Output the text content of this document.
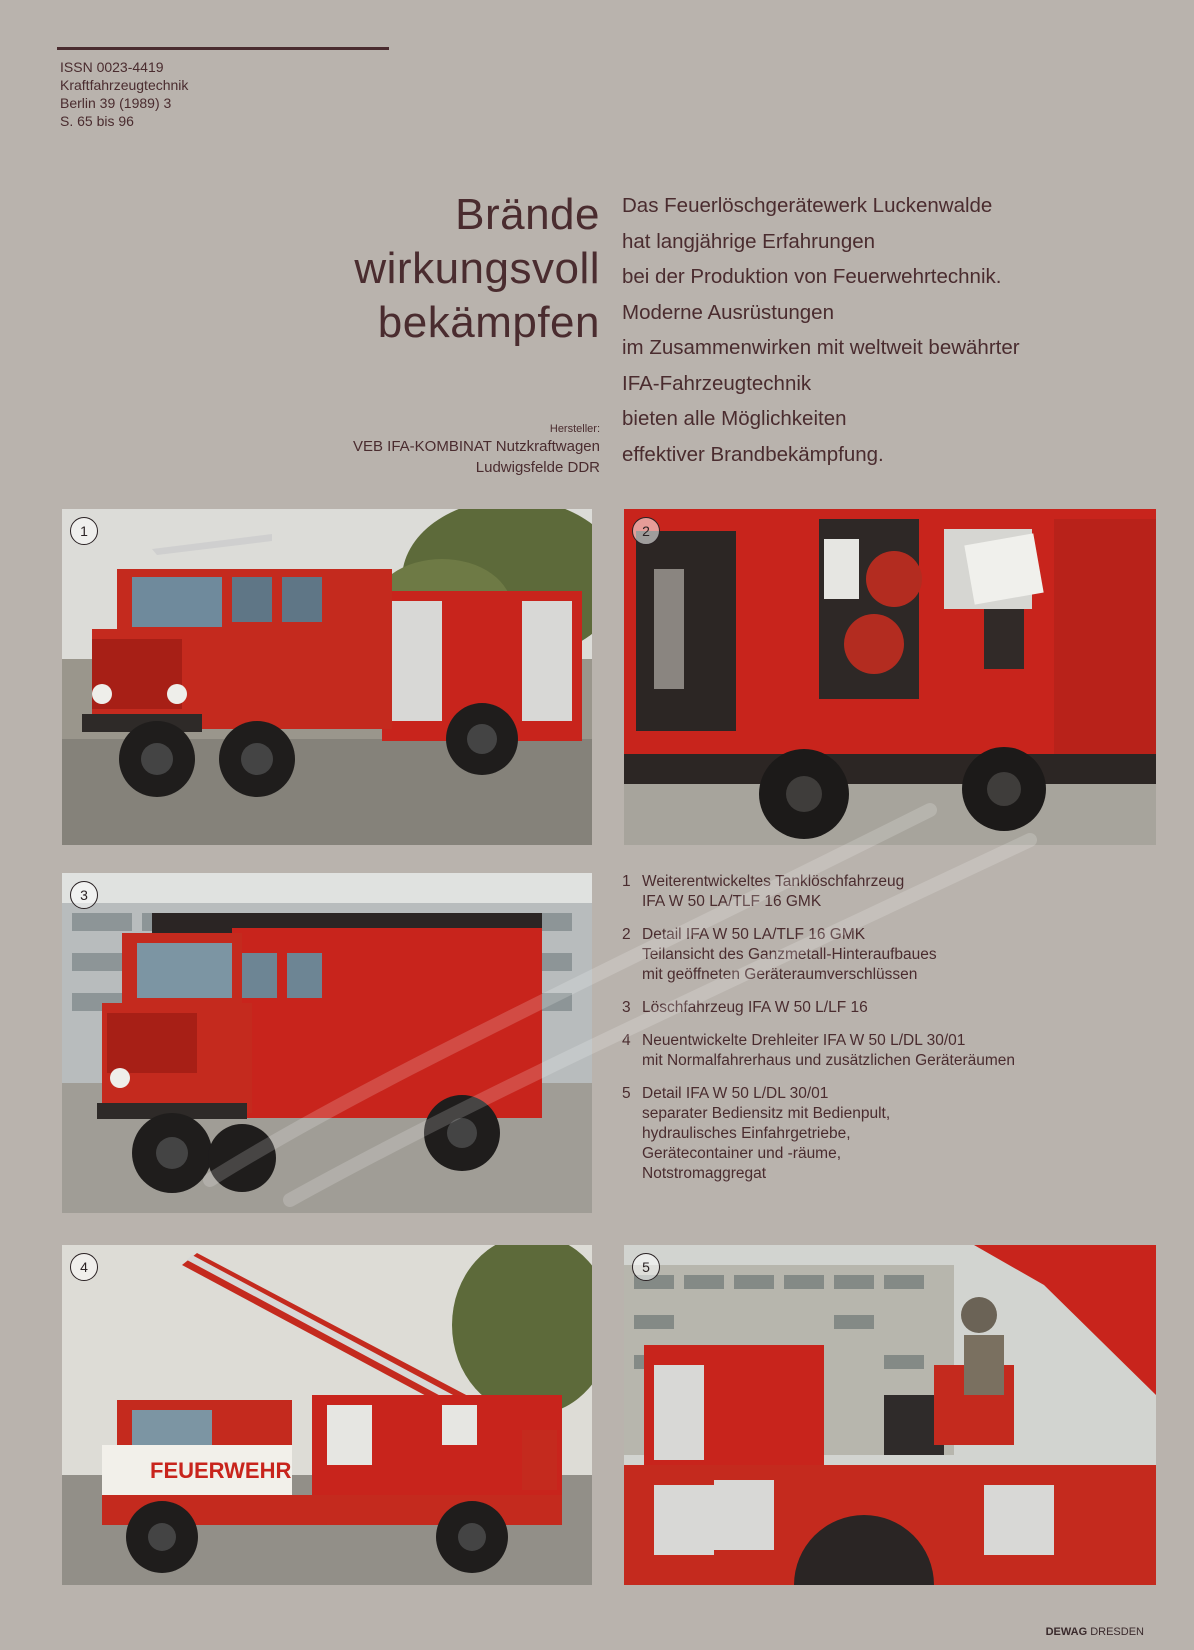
ISSN 0023-4419
Kraftfahrzeugtechnik
Berlin 39 (1989) 3
S. 65 bis 96
Brände
wirkungsvoll
bekämpfen
Hersteller:
VEB IFA-KOMBINAT Nutzkraftwagen
Ludwigsfelde DDR
Das Feuerlöschgerätewerk Luckenwalde
hat langjährige Erfahrungen
bei der Produktion von Feuerwehrtechnik.
Moderne Ausrüstungen
im Zusammenwirken mit weltweit bewährter
IFA-Fahrzeugtechnik
bieten alle Möglichkeiten
effektiver Brandbekämpfung.
1	2
3
FEUERWEHR
4	5
1 Weiterentwickeltes Tanklöschfahrzeug
IFA W 50 LA/TLF 16 GMK
2 Detail IFA W 50 LA/TLF 16 GMK
Teilansicht des Ganzmetall-Hinteraufbaues
mit geöffneten Geräteraumverschlüssen
3 Löschfahrzeug IFA W 50 L/LF 16
4 Neuentwickelte Drehleiter IFA W 50 L/DL 30/01
mit Normalfahrerhaus und zusätzlichen Geräteräumen
5 Detail IFA W 50 L/DL 30/01
separater Bediensitz mit Bedienpult,
hydraulisches Einfahrgetriebe,
Gerätecontainer und -räume,
Notstromaggregat
DEWAG DRESDEN
